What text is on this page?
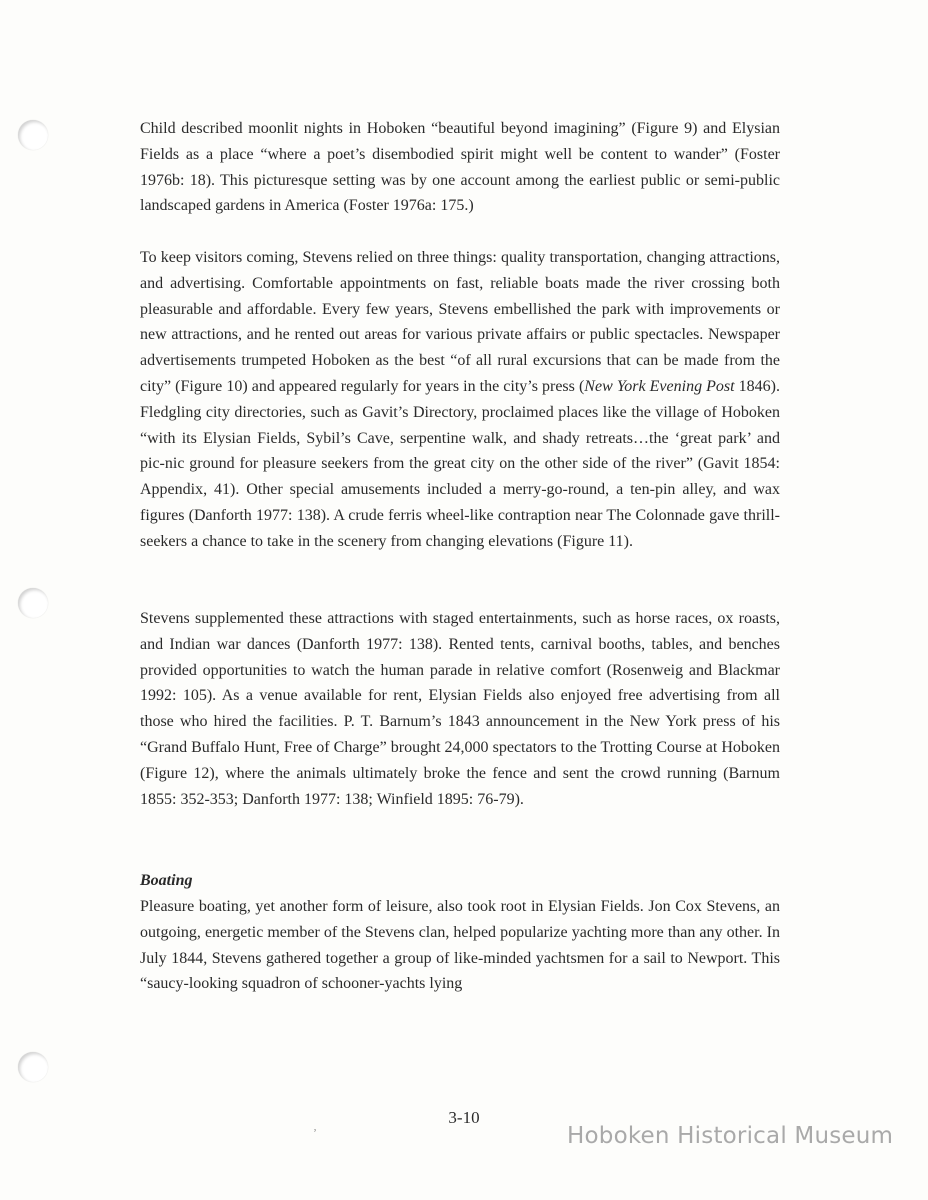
Child described moonlit nights in Hoboken “beautiful beyond imagining” (Figure 9) and Elysian Fields as a place “where a poet’s disembodied spirit might well be content to wander” (Foster 1976b: 18). This picturesque setting was by one account among the earliest public or semi-public landscaped gardens in America (Foster 1976a: 175.)

To keep visitors coming, Stevens relied on three things: quality transportation, changing attractions, and advertising. Comfortable appointments on fast, reliable boats made the river crossing both pleasurable and affordable. Every few years, Stevens embellished the park with improvements or new attractions, and he rented out areas for various private affairs or public spectacles. Newspaper advertisements trumpeted Hoboken as the best “of all rural excursions that can be made from the city” (Figure 10) and appeared regularly for years in the city’s press (New York Evening Post 1846). Fledgling city directories, such as Gavit’s Directory, proclaimed places like the village of Hoboken “with its Elysian Fields, Sybil’s Cave, serpentine walk, and shady retreats…the ‘great park’ and pic-nic ground for pleasure seekers from the great city on the other side of the river” (Gavit 1854: Appendix, 41). Other special amusements included a merry-go-round, a ten-pin alley, and wax figures (Danforth 1977: 138). A crude ferris wheel-like contraption near The Colonnade gave thrill-seekers a chance to take in the scenery from changing elevations (Figure 11).

Stevens supplemented these attractions with staged entertainments, such as horse races, ox roasts, and Indian war dances (Danforth 1977: 138). Rented tents, carnival booths, tables, and benches provided opportunities to watch the human parade in relative comfort (Rosenweig and Blackmar 1992: 105). As a venue available for rent, Elysian Fields also enjoyed free advertising from all those who hired the facilities. P. T. Barnum’s 1843 announcement in the New York press of his “Grand Buffalo Hunt, Free of Charge” brought 24,000 spectators to the Trotting Course at Hoboken (Figure 12), where the animals ultimately broke the fence and sent the crowd running (Barnum 1855: 352-353; Danforth 1977: 138; Winfield 1895: 76-79).

Boating

Pleasure boating, yet another form of leisure, also took root in Elysian Fields. Jon Cox Stevens, an outgoing, energetic member of the Stevens clan, helped popularize yachting more than any other. In July 1844, Stevens gathered together a group of like-minded yachtsmen for a sail to Newport. This “saucy-looking squadron of schooner-yachts lying

ʼ
3-10
Hoboken Historical Museum
